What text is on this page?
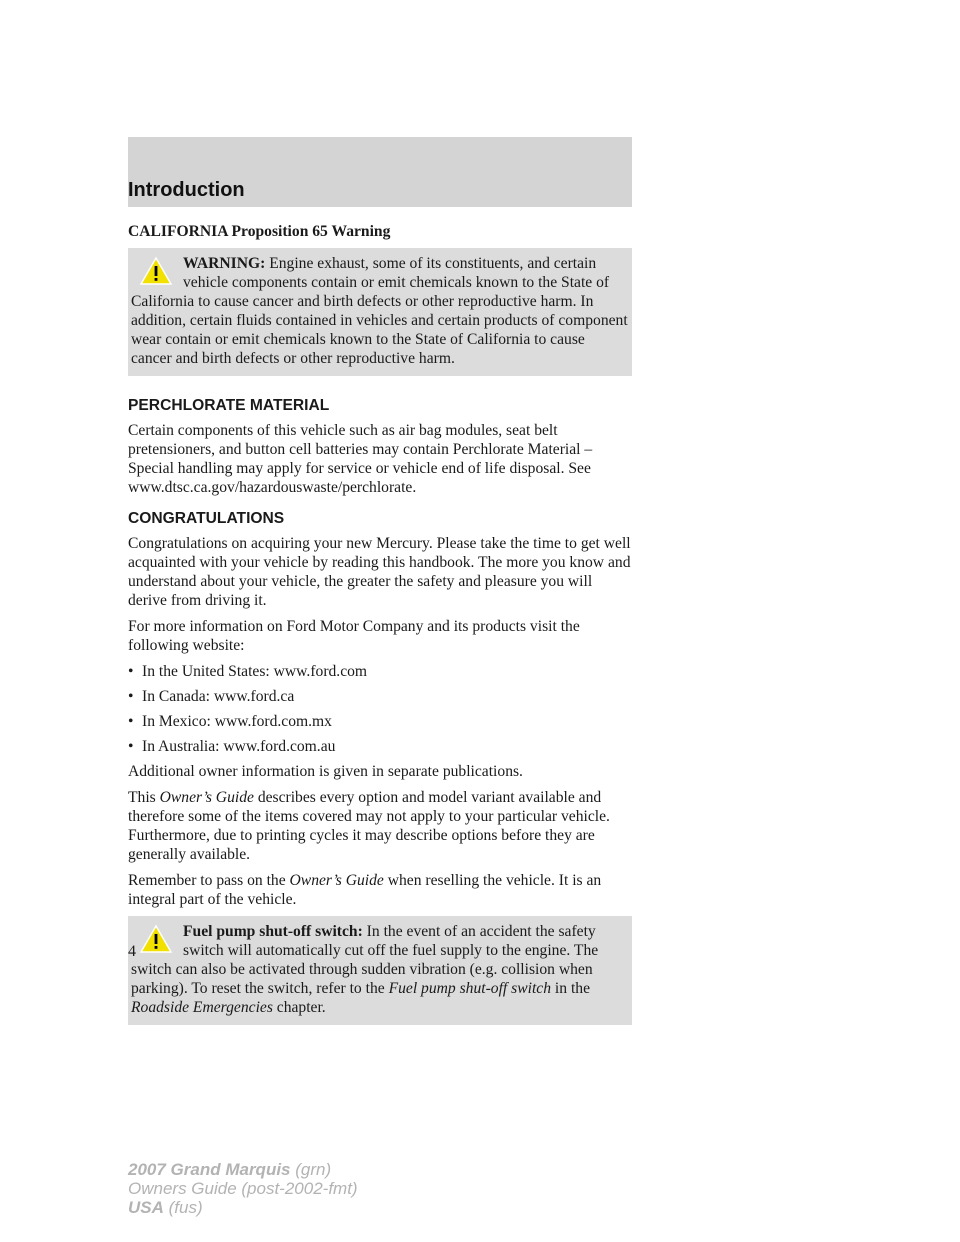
Introduction

CALIFORNIA Proposition 65 Warning

WARNING: Engine exhaust, some of its constituents, and certain vehicle components contain or emit chemicals known to the State of California to cause cancer and birth defects or other reproductive harm. In addition, certain fluids contained in vehicles and certain products of component wear contain or emit chemicals known to the State of California to cause cancer and birth defects or other reproductive harm.
PERCHLORATE MATERIAL

Certain components of this vehicle such as air bag modules, seat belt pretensioners, and button cell batteries may contain Perchlorate Material – Special handling may apply for service or vehicle end of life disposal. See www.dtsc.ca.gov/hazardouswaste/perchlorate.

CONGRATULATIONS

Congratulations on acquiring your new Mercury. Please take the time to get well acquainted with your vehicle by reading this handbook. The more you know and understand about your vehicle, the greater the safety and pleasure you will derive from driving it.

For more information on Ford Motor Company and its products visit the following website:

• In the United States: www.ford.com
• In Canada: www.ford.ca
• In Mexico: www.ford.com.mx
• In Australia: www.ford.com.au

Additional owner information is given in separate publications.

This Owner’s Guide describes every option and model variant available and therefore some of the items covered may not apply to your particular vehicle. Furthermore, due to printing cycles it may describe options before they are generally available.

Remember to pass on the Owner’s Guide when reselling the vehicle. It is an integral part of the vehicle.

Fuel pump shut-off switch: In the event of an accident the safety switch will automatically cut off the fuel supply to the engine. The switch can also be activated through sudden vibration (e.g. collision when parking). To reset the switch, refer to the Fuel pump shut-off switch in the Roadside Emergencies chapter.
4
2007 Grand Marquis (grn)
Owners Guide (post-2002-fmt)
USA (fus)
